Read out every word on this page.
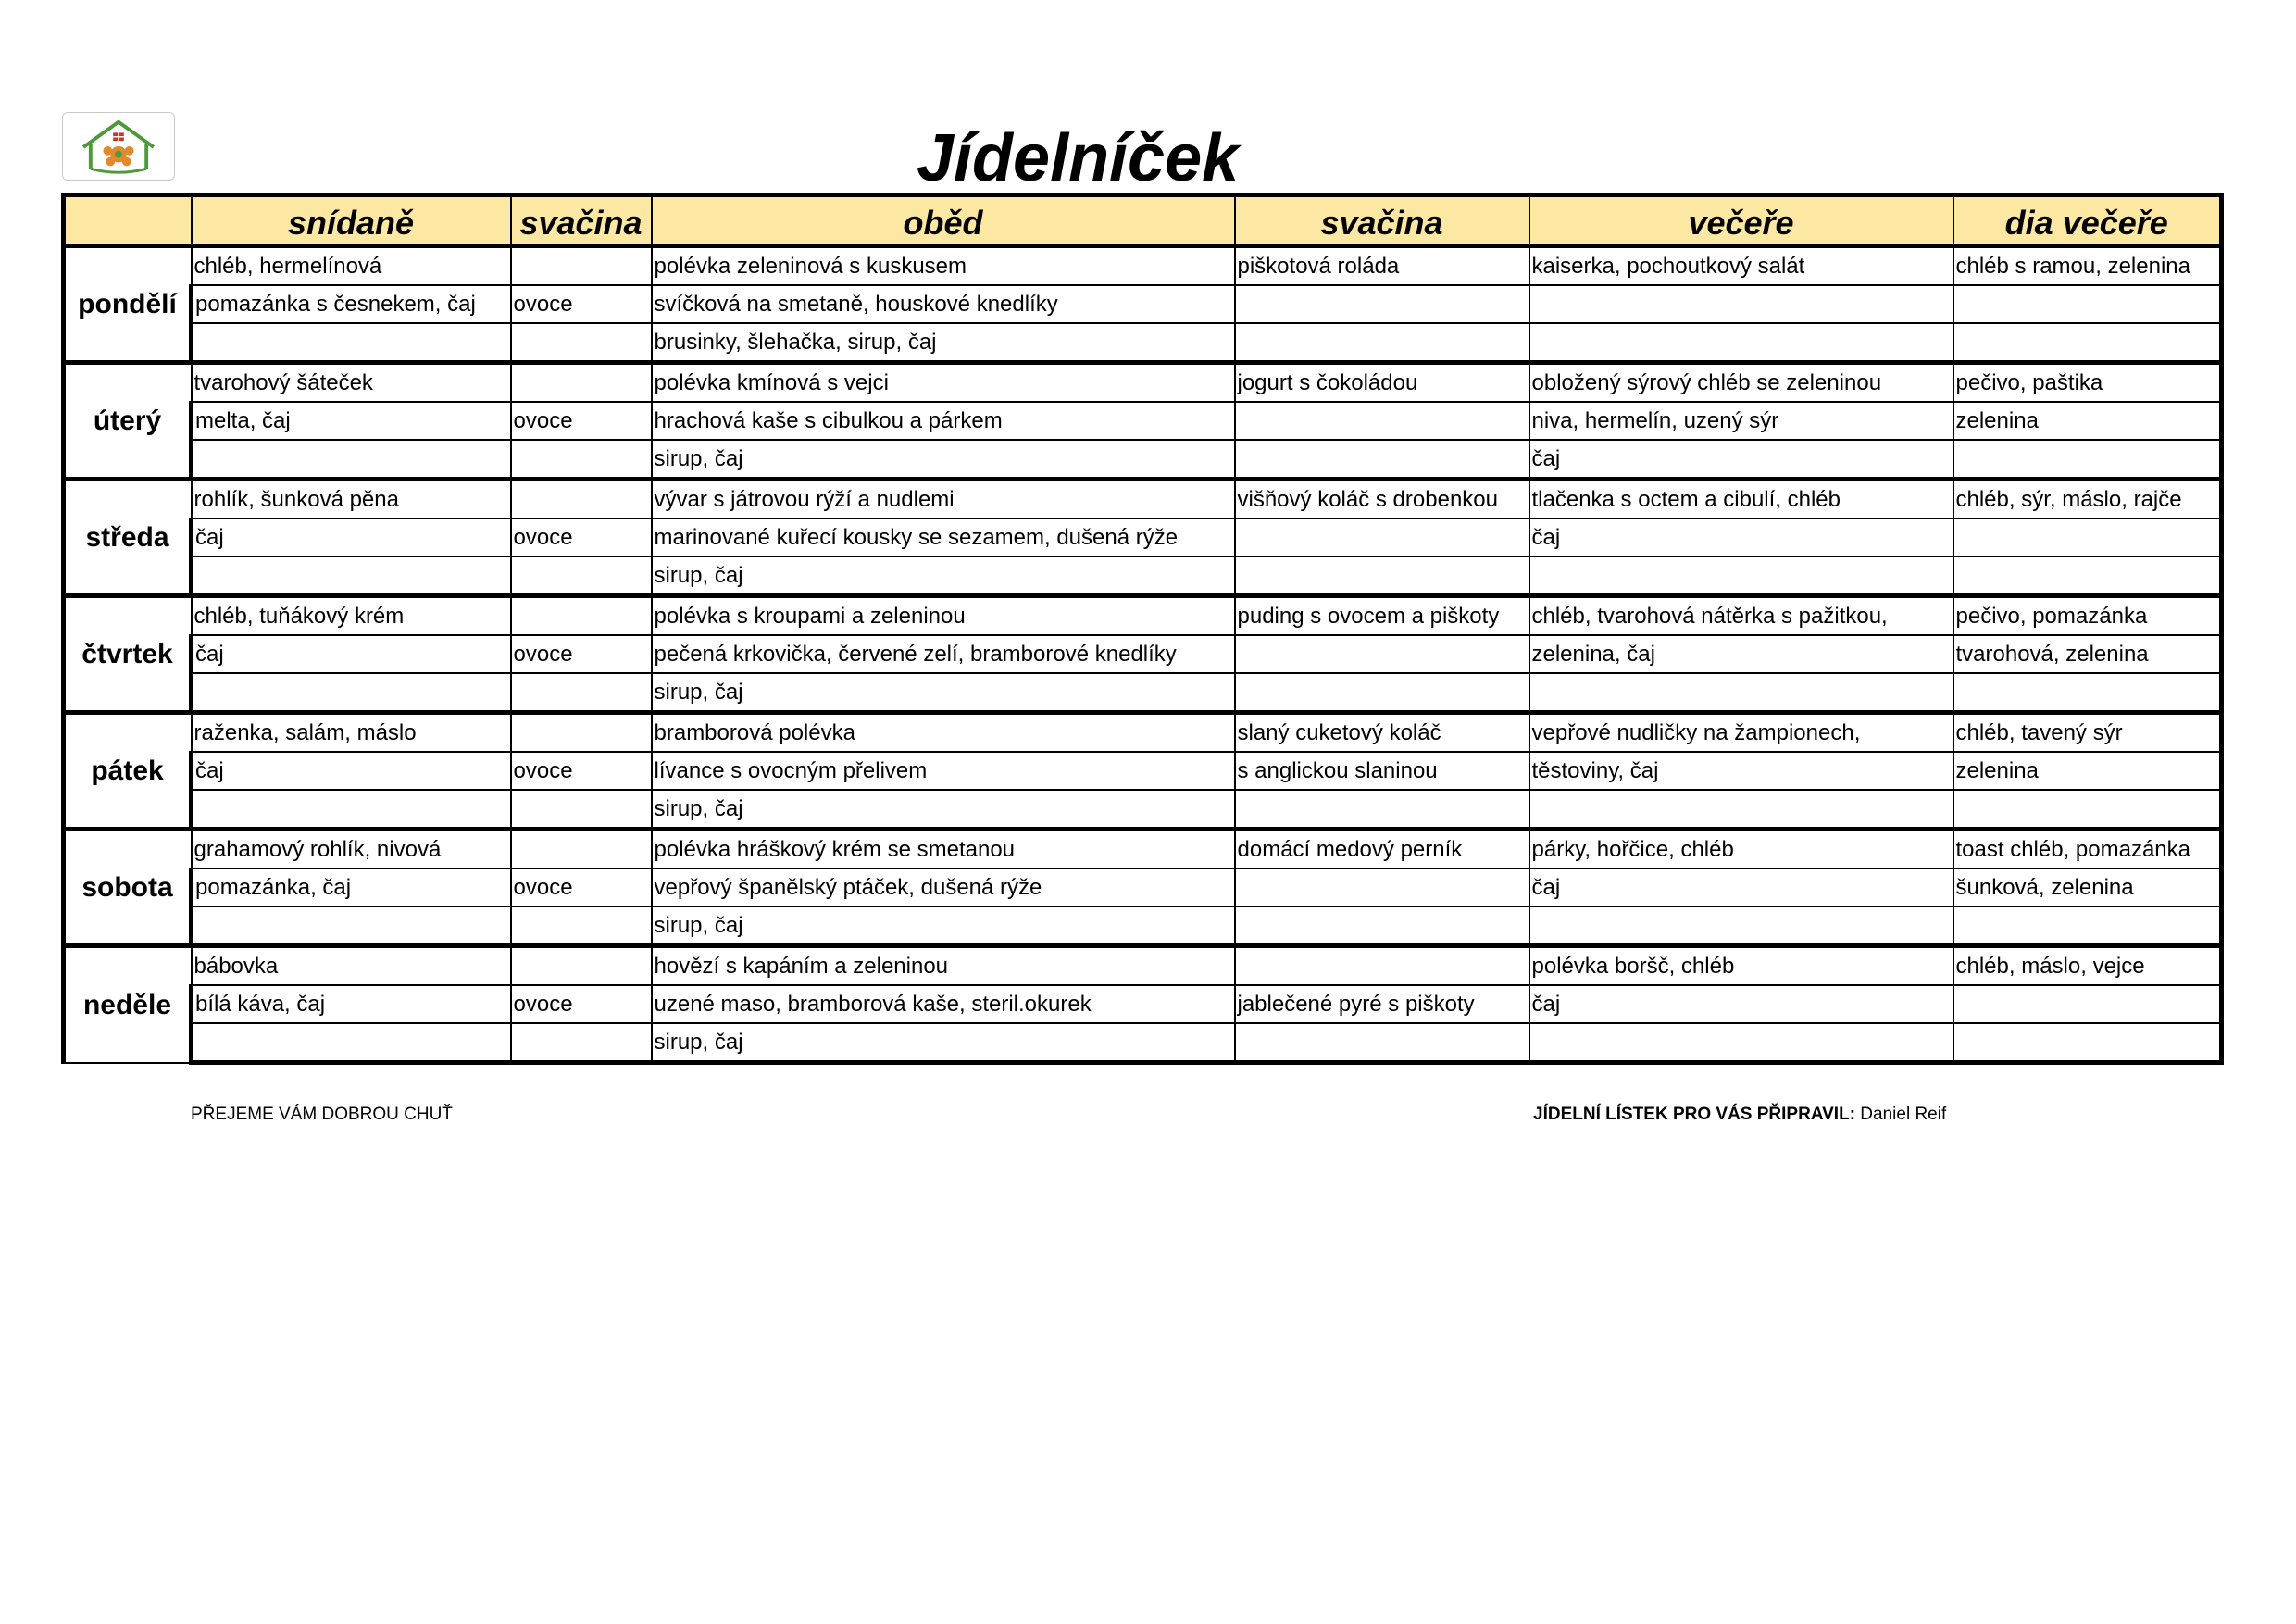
Jídelníček
	snídaně	svačina	oběd	svačina	večeře	dia večeře
pondělí	chléb, hermelínová		polévka zeleninová s kuskusem	piškotová roláda	kaiserka, pochoutkový salát	chléb s ramou, zelenina
	pomazánka s česnekem, čaj	ovoce	svíčková na smetaně, houskové knedlíky			
			brusinky, šlehačka, sirup, čaj			
úterý	tvarohový šáteček		polévka kmínová s vejci	jogurt s čokoládou	obložený sýrový chléb se zeleninou	pečivo, paštika
	melta, čaj	ovoce	hrachová kaše s cibulkou a párkem		niva, hermelín, uzený sýr	zelenina
			sirup, čaj		čaj	
středa	rohlík, šunková pěna		vývar s játrovou rýží a nudlemi	višňový koláč s drobenkou	tlačenka s octem a cibulí, chléb	chléb, sýr, máslo, rajče
	čaj	ovoce	marinované kuřecí kousky se sezamem, dušená rýže		čaj	
			sirup, čaj			
čtvrtek	chléb, tuňákový krém		polévka s kroupami a zeleninou	puding s ovocem a piškoty	chléb, tvarohová nátěrka s pažitkou,	pečivo, pomazánka
	čaj	ovoce	pečená krkovička, červené zelí, bramborové knedlíky		zelenina, čaj	tvarohová, zelenina
			sirup, čaj			
pátek	raženka, salám, máslo		bramborová polévka	slaný cuketový koláč	vepřové nudličky na žampionech,	chléb, tavený sýr
	čaj	ovoce	lívance s ovocným přelivem	s anglickou slaninou	těstoviny, čaj	zelenina
			sirup, čaj			
sobota	grahamový rohlík, nivová		polévka hráškový krém se smetanou	domácí medový perník	párky, hořčice, chléb	toast chléb, pomazánka
	pomazánka, čaj	ovoce	vepřový španělský ptáček, dušená rýže		čaj	šunková, zelenina
			sirup, čaj			
neděle	bábovka		hovězí s kapáním a zeleninou		polévka boršč, chléb	chléb, máslo, vejce
	bílá káva, čaj	ovoce	uzené maso, bramborová kaše, steril.okurek	jablečené pyré s piškoty	čaj	
			sirup, čaj			
PŘEJEME VÁM DOBROU CHUŤ	JÍDELNÍ LÍSTEK PRO VÁS PŘIPRAVIL: Daniel Reif
